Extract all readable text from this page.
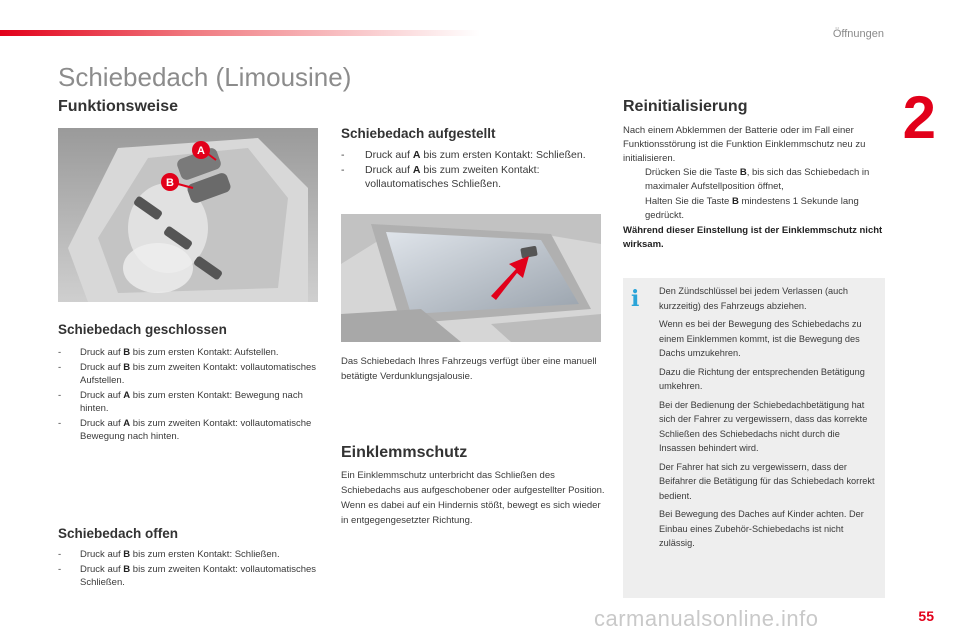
Öffnungen
2
Schiebedach (Limousine)
Funktionsweise
A
B
Schiebedach geschlossen
- Druck auf B bis zum ersten Kontakt: Aufstellen.
- Druck auf B bis zum zweiten Kontakt: vollautomatisches Aufstellen.
- Druck auf A bis zum ersten Kontakt: Bewegung nach hinten.
- Druck auf A bis zum zweiten Kontakt: vollautomatische Bewegung nach hinten.
Schiebedach offen
- Druck auf B bis zum ersten Kontakt: Schließen.
- Druck auf B bis zum zweiten Kontakt: vollautomatisches Schließen.
Schiebedach aufgestellt
- Druck auf A bis zum ersten Kontakt: Schließen.
- Druck auf A bis zum zweiten Kontakt: vollautomatisches Schließen.

Das Schiebedach Ihres Fahrzeugs verfügt über eine manuell betätigte Verdunklungsjalousie.

Einklemmschutz

Ein Einklemmschutz unterbricht das Schließen des Schiebedachs aus aufgeschobener oder aufgestellter Position. Wenn es dabei auf ein Hindernis stößt, bewegt es sich wieder in entgegengesetzter Richtung.

Reinitialisierung

Nach einem Abklemmen der Batterie oder im Fall einer Funktionsstörung ist die Funktion Einklemmschutz neu zu initialisieren.

Drücken Sie die Taste B, bis sich das Schiebedach in maximaler Aufstellposition öffnet,
Halten Sie die Taste B mindestens 1 Sekunde lang gedrückt.

Während dieser Einstellung ist der Einklemmschutz nicht wirksam.

i Den Zündschlüssel bei jedem Verlassen (auch kurzzeitig) des Fahrzeugs abziehen.

Wenn es bei der Bewegung des Schiebedachs zu einem Einklemmen kommt, ist die Bewegung des Dachs umzukehren.

Dazu die Richtung der entsprechenden Betätigung umkehren.

Bei der Bedienung der Schiebedachbetätigung hat sich der Fahrer zu vergewissern, dass das korrekte Schließen des Schiebedachs nicht durch die Insassen behindert wird.

Der Fahrer hat sich zu vergewissern, dass der Beifahrer die Betätigung für das Schiebedach korrekt bedient.

Bei Bewegung des Daches auf Kinder achten. Der Einbau eines Zubehör-Schiebedachs ist nicht zulässig.

carmanualsonline.info	55
